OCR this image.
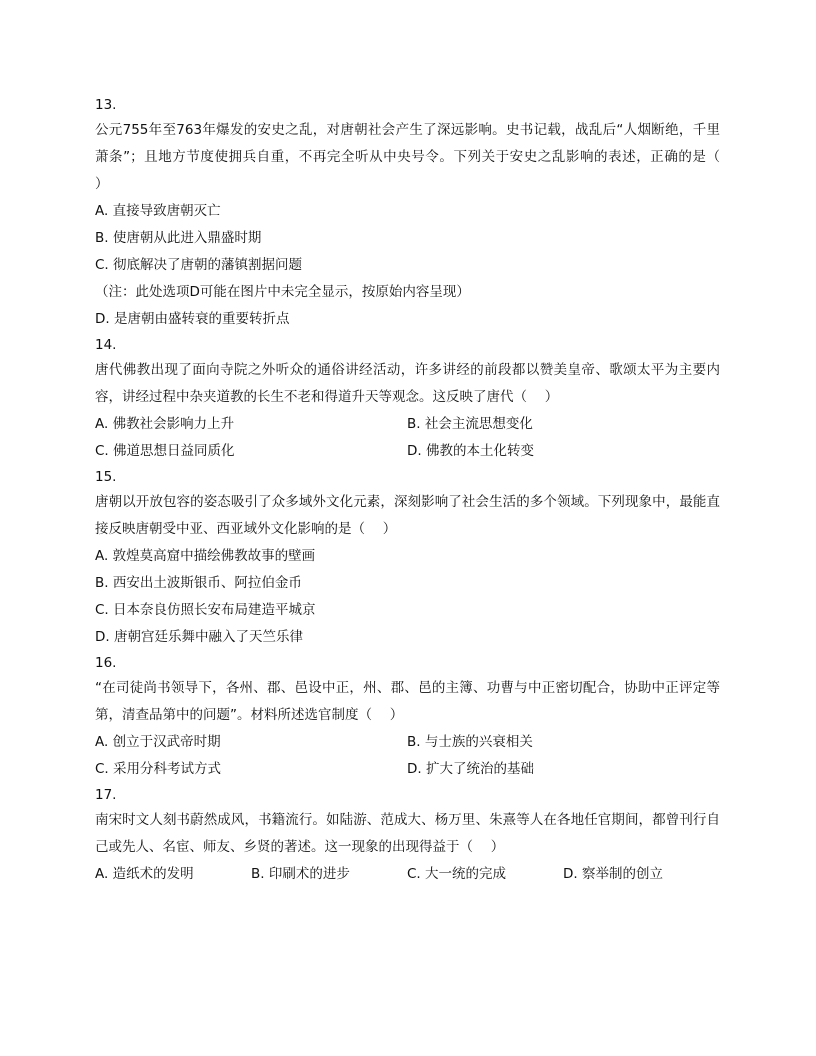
13.
公元755年至763年爆发的安史之乱，对唐朝社会产生了深远影响。史书记载，战乱后“人烟断绝，千里萧条”；且地方节度使拥兵自重，不再完全听从中央号令。下列关于安史之乱影响的表述，正确的是（　 ）
A. 直接导致唐朝灭亡
B. 使唐朝从此进入鼎盛时期
C. 彻底解决了唐朝的藩镇割据问题
（注：此处选项D可能在图片中未完全显示，按原始内容呈现）
D. 是唐朝由盛转衰的重要转折点
14.
唐代佛教出现了面向寺院之外听众的通俗讲经活动，许多讲经的前段都以赞美皇帝、歌颂太平为主要内容，讲经过程中杂夹道教的长生不老和得道升天等观念。这反映了唐代（　 ）
A. 佛教社会影响力上升	B. 社会主流思想变化
C. 佛道思想日益同质化	D. 佛教的本土化转变
15.
唐朝以开放包容的姿态吸引了众多域外文化元素，深刻影响了社会生活的多个领域。下列现象中，最能直接反映唐朝受中亚、西亚域外文化影响的是（　 ）
A. 敦煌莫高窟中描绘佛教故事的壁画
B. 西安出土波斯银币、阿拉伯金币
C. 日本奈良仿照长安布局建造平城京
D. 唐朝宫廷乐舞中融入了天竺乐律
16.
“在司徒尚书领导下，各州、郡、邑设中正，州、郡、邑的主簿、功曹与中正密切配合，协助中正评定等第，清查品第中的问题”。材料所述选官制度（　 ）
A. 创立于汉武帝时期	B. 与士族的兴衰相关
C. 采用分科考试方式	D. 扩大了统治的基础
17.
南宋时文人刻书蔚然成风，书籍流行。如陆游、范成大、杨万里、朱熹等人在各地任官期间，都曾刊行自己或先人、名宦、师友、乡贤的著述。这一现象的出现得益于（　 ）
A. 造纸术的发明	B. 印刷术的进步	C. 大一统的完成	D. 察举制的创立
